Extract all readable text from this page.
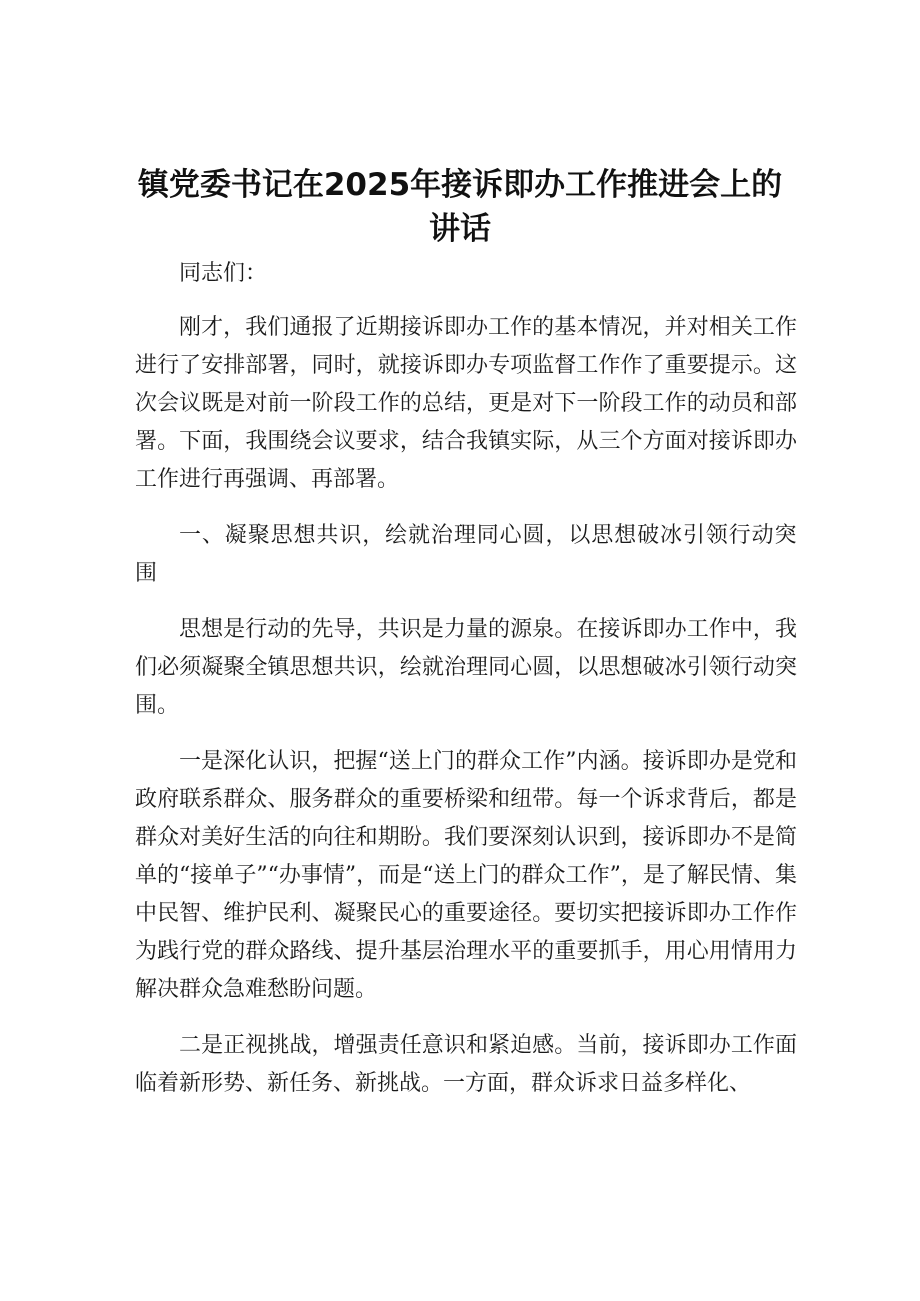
镇党委书记在2025年接诉即办工作推进会上的
讲话

同志们：

刚才，我们通报了近期接诉即办工作的基本情况，并对相关工作进行了安排部署，同时，就接诉即办专项监督工作作了重要提示。这次会议既是对前一阶段工作的总结，更是对下一阶段工作的动员和部署。下面，我围绕会议要求，结合我镇实际，从三个方面对接诉即办工作进行再强调、再部署。

一、凝聚思想共识，绘就治理同心圆，以思想破冰引领行动突围

思想是行动的先导，共识是力量的源泉。在接诉即办工作中，我们必须凝聚全镇思想共识，绘就治理同心圆，以思想破冰引领行动突围。

一是深化认识，把握“送上门的群众工作”内涵。接诉即办是党和政府联系群众、服务群众的重要桥梁和纽带。每一个诉求背后，都是群众对美好生活的向往和期盼。我们要深刻认识到，接诉即办不是简单的“接单子”“办事情”，而是“送上门的群众工作”，是了解民情、集中民智、维护民利、凝聚民心的重要途径。要切实把接诉即办工作作为践行党的群众路线、提升基层治理水平的重要抓手，用心用情用力解决群众急难愁盼问题。

二是正视挑战，增强责任意识和紧迫感。当前，接诉即办工作面临着新形势、新任务、新挑战。一方面，群众诉求日益多样化、
